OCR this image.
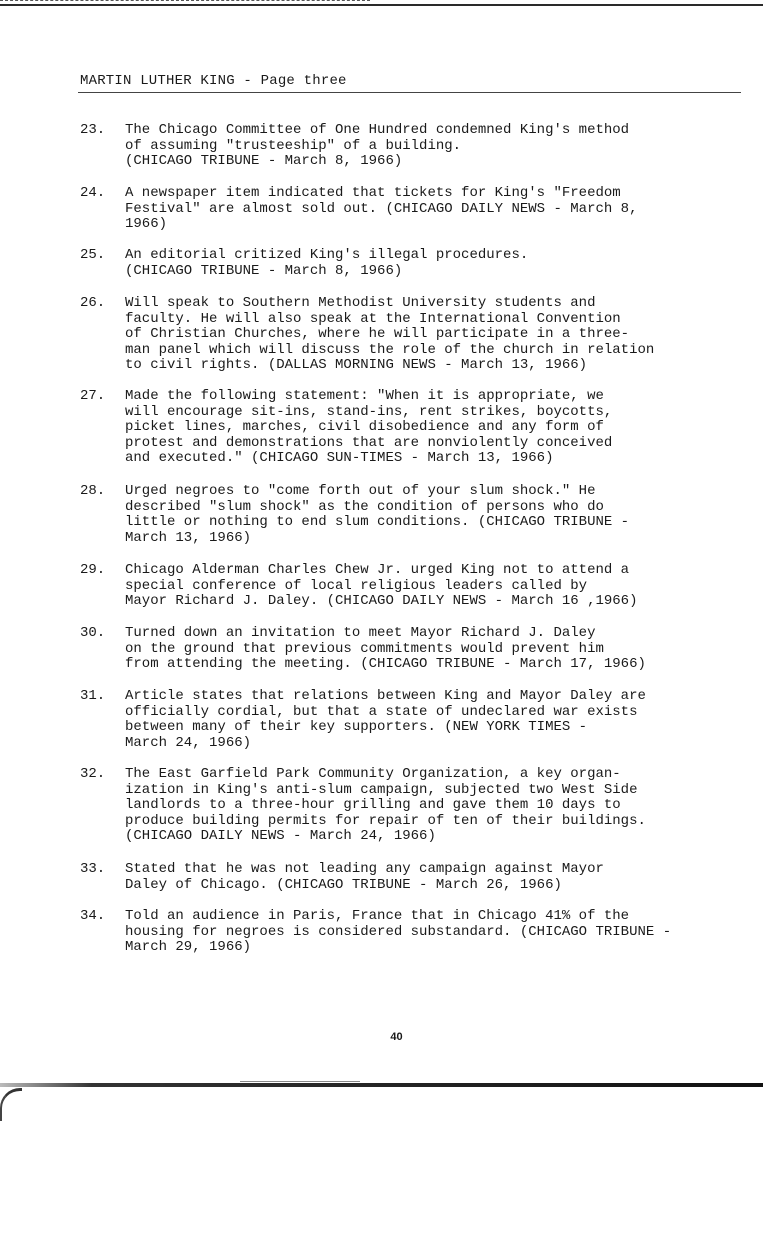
MARTIN LUTHER KING - Page three
23. The Chicago Committee of One Hundred condemned King's method
of assuming "trusteeship" of a building.
(CHICAGO TRIBUNE - March 8, 1966)
24. A newspaper item indicated that tickets for King's "Freedom
Festival" are almost sold out. (CHICAGO DAILY NEWS - March 8,
1966)
25. An editorial critized King's illegal procedures.
(CHICAGO TRIBUNE - March 8, 1966)
26. Will speak to Southern Methodist University students and
faculty. He will also speak at the International Convention
of Christian Churches, where he will participate in a three-
man panel which will discuss the role of the church in relation
to civil rights. (DALLAS MORNING NEWS - March 13, 1966)
27. Made the following statement: "When it is appropriate, we
will encourage sit-ins, stand-ins, rent strikes, boycotts,
picket lines, marches, civil disobedience and any form of
protest and demonstrations that are nonviolently conceived
and executed." (CHICAGO SUN-TIMES - March 13, 1966)
28. Urged negroes to "come forth out of your slum shock." He
described "slum shock" as the condition of persons who do
little or nothing to end slum conditions. (CHICAGO TRIBUNE -
March 13, 1966)
29. Chicago Alderman Charles Chew Jr. urged King not to attend a
special conference of local religious leaders called by
Mayor Richard J. Daley. (CHICAGO DAILY NEWS - March 16 ,1966)
30. Turned down an invitation to meet Mayor Richard J. Daley
on the ground that previous commitments would prevent him
from attending the meeting. (CHICAGO TRIBUNE - March 17, 1966)
31. Article states that relations between King and Mayor Daley are
officially cordial, but that a state of undeclared war exists
between many of their key supporters. (NEW YORK TIMES -
March 24, 1966)
32. The East Garfield Park Community Organization, a key organ-
ization in King's anti-slum campaign, subjected two West Side
landlords to a three-hour grilling and gave them 10 days to
produce building permits for repair of ten of their buildings.
(CHICAGO DAILY NEWS - March 24, 1966)
33. Stated that he was not leading any campaign against Mayor
Daley of Chicago. (CHICAGO TRIBUNE - March 26, 1966)
34. Told an audience in Paris, France that in Chicago 41% of the
housing for negroes is considered substandard. (CHICAGO TRIBUNE -
March 29, 1966)
40
